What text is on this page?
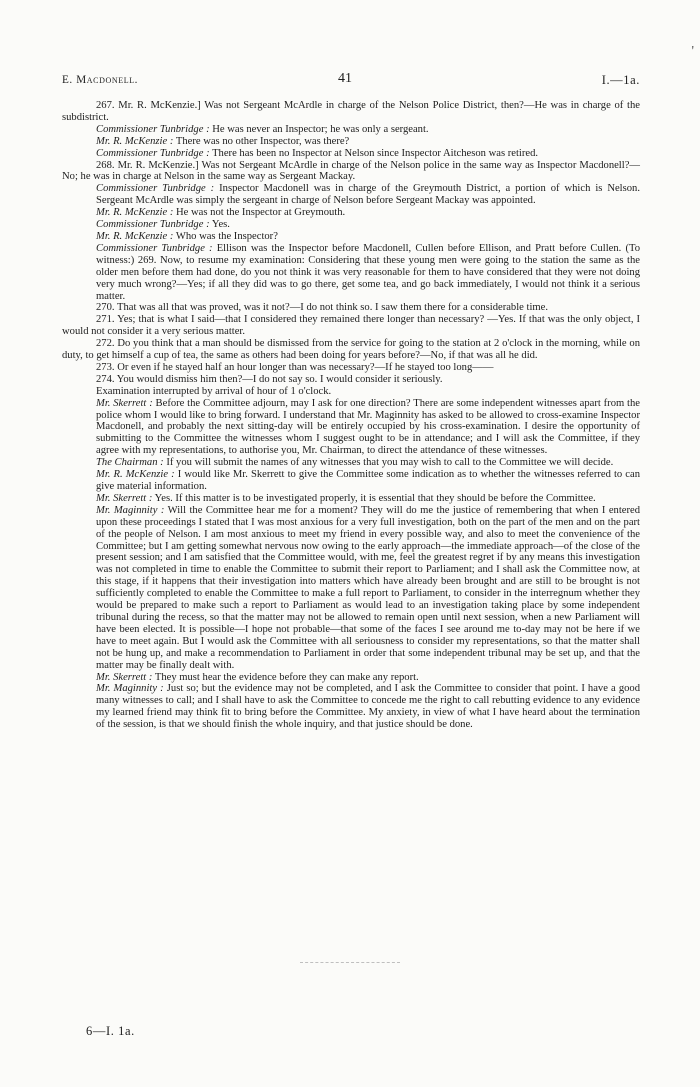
'
E. Macdonell.	41	I.—1a.

267. Mr. R. McKenzie.] Was not Sergeant McArdle in charge of the Nelson Police District, then?—He was in charge of the subdistrict.

Commissioner Tunbridge : He was never an Inspector; he was only a sergeant.

Mr. R. McKenzie : There was no other Inspector, was there?

Commissioner Tunbridge : There has been no Inspector at Nelson since Inspector Aitcheson was retired.

268. Mr. R. McKenzie.] Was not Sergeant McArdle in charge of the Nelson police in the same way as Inspector Macdonell?—No; he was in charge at Nelson in the same way as Sergeant Mackay.

Commissioner Tunbridge : Inspector Macdonell was in charge of the Greymouth District, a portion of which is Nelson. Sergeant McArdle was simply the sergeant in charge of Nelson before Sergeant Mackay was appointed.

Mr. R. McKenzie : He was not the Inspector at Greymouth.

Commissioner Tunbridge : Yes.

Mr. R. McKenzie : Who was the Inspector?

Commissioner Tunbridge : Ellison was the Inspector before Macdonell, Cullen before Ellison, and Pratt before Cullen. (To witness:) 269. Now, to resume my examination: Considering that these young men were going to the station the same as the older men before them had done, do you not think it was very reasonable for them to have considered that they were not doing very much wrong?—Yes; if all they did was to go there, get some tea, and go back immediately, I would not think it a serious matter.

270. That was all that was proved, was it not?—I do not think so. I saw them there for a considerable time.

271. Yes; that is what I said—that I considered they remained there longer than necessary? —Yes. If that was the only object, I would not consider it a very serious matter.

272. Do you think that a man should be dismissed from the service for going to the station at 2 o'clock in the morning, while on duty, to get himself a cup of tea, the same as others had been doing for years before?—No, if that was all he did.

273. Or even if he stayed half an hour longer than was necessary?—If he stayed too long——

274. You would dismiss him then?—I do not say so. I would consider it seriously.

Examination interrupted by arrival of hour of 1 o'clock.

Mr. Skerrett : Before the Committee adjourn, may I ask for one direction? There are some independent witnesses apart from the police whom I would like to bring forward. I understand that Mr. Maginnity has asked to be allowed to cross-examine Inspector Macdonell, and probably the next sitting-day will be entirely occupied by his cross-examination. I desire the opportunity of submitting to the Committee the witnesses whom I suggest ought to be in attendance; and I will ask the Committee, if they agree with my representations, to authorise you, Mr. Chairman, to direct the attendance of these witnesses.

The Chairman : If you will submit the names of any witnesses that you may wish to call to the Committee we will decide.

Mr. R. McKenzie : I would like Mr. Skerrett to give the Committee some indication as to whether the witnesses referred to can give material information.

Mr. Skerrett : Yes. If this matter is to be investigated properly, it is essential that they should be before the Committee.

Mr. Maginnity : Will the Committee hear me for a moment? They will do me the justice of remembering that when I entered upon these proceedings I stated that I was most anxious for a very full investigation, both on the part of the men and on the part of the people of Nelson. I am most anxious to meet my friend in every possible way, and also to meet the convenience of the Committee; but I am getting somewhat nervous now owing to the early approach—the immediate approach—of the close of the present session; and I am satisfied that the Committee would, with me, feel the greatest regret if by any means this investigation was not completed in time to enable the Committee to submit their report to Parliament; and I shall ask the Committee now, at this stage, if it happens that their investigation into matters which have already been brought and are still to be brought is not sufficiently completed to enable the Committee to make a full report to Parliament, to consider in the interregnum whether they would be prepared to make such a report to Parliament as would lead to an investigation taking place by some independent tribunal during the recess, so that the matter may not be allowed to remain open until next session, when a new Parliament will have been elected. It is possible—I hope not probable—that some of the faces I see around me to-day may not be here if we have to meet again. But I would ask the Committee with all seriousness to consider my representations, so that the matter shall not be hung up, and make a recommendation to Parliament in order that some independent tribunal may be set up, and that the matter may be finally dealt with.

Mr. Skerrett : They must hear the evidence before they can make any report.

Mr. Maginnity : Just so; but the evidence may not be completed, and I ask the Committee to consider that point. I have a good many witnesses to call; and I shall have to ask the Committee to concede me the right to call rebutting evidence to any evidence my learned friend may think fit to bring before the Committee. My anxiety, in view of what I have heard about the termination of the session, is that we should finish the whole inquiry, and that justice should be done.

6—I. 1a.
